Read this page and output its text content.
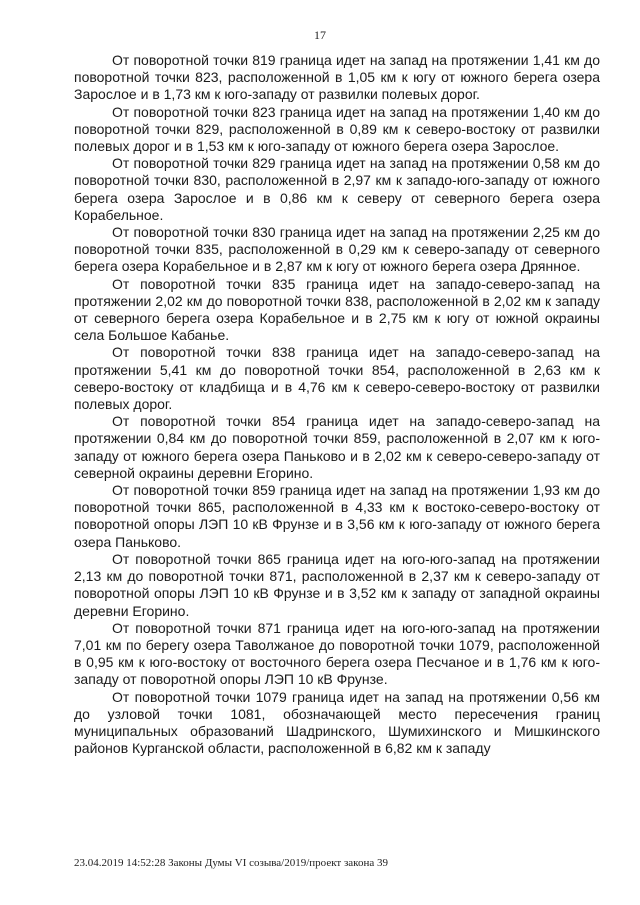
17

От поворотной точки 819 граница идет на запад на протяжении 1,41 км до поворотной точки 823, расположенной в 1,05 км к югу от южного берега озера Зарослое и в 1,73 км к юго-западу от развилки полевых дорог.

От поворотной точки 823 граница идет на запад на протяжении 1,40 км до поворотной точки 829, расположенной в 0,89 км к северо-востоку от развилки полевых дорог и в 1,53 км к юго-западу от южного берега озера Зарослое.

От поворотной точки 829 граница идет на запад на протяжении 0,58 км до поворотной точки 830, расположенной в 2,97 км к западо-юго-западу от южного берега озера Зарослое и в 0,86 км к северу от северного берега озера Корабельное.

От поворотной точки 830 граница идет на запад на протяжении 2,25 км до поворотной точки 835, расположенной в 0,29 км к северо-западу от северного берега озера Корабельное и в 2,87 км к югу от южного берега озера Дрянное.

От поворотной точки 835 граница идет на западо-северо-запад на протяжении 2,02 км до поворотной точки 838, расположенной в 2,02 км к западу от северного берега озера Корабельное и в 2,75 км к югу от южной окраины села Большое Кабанье.

От поворотной точки 838 граница идет на западо-северо-запад на протяжении 5,41 км до поворотной точки 854, расположенной в 2,63 км к северо-востоку от кладбища и в 4,76 км к северо-северо-востоку от развилки полевых дорог.

От поворотной точки 854 граница идет на западо-северо-запад на протяжении 0,84 км до поворотной точки 859, расположенной в 2,07 км к юго-западу от южного берега озера Паньково и в 2,02 км к северо-северо-западу от северной окраины деревни Егорино.

От поворотной точки 859 граница идет на запад на протяжении 1,93 км до поворотной точки 865, расположенной в 4,33 км к востоко-северо-востоку от поворотной опоры ЛЭП 10 кВ Фрунзе и в 3,56 км к юго-западу от южного берега озера Паньково.

От поворотной точки 865 граница идет на юго-юго-запад на протяжении 2,13 км до поворотной точки 871, расположенной в 2,37 км к северо-западу от поворотной опоры ЛЭП 10 кВ Фрунзе и в 3,52 км к западу от западной окраины деревни Егорино.

От поворотной точки 871 граница идет на юго-юго-запад на протяжении 7,01 км по берегу озера Таволжаное до поворотной точки 1079, расположенной в 0,95 км к юго-востоку от восточного берега озера Песчаное и в 1,76 км к юго-западу от поворотной опоры ЛЭП 10 кВ Фрунзе.

От поворотной точки 1079 граница идет на запад на протяжении 0,56 км до узловой точки 1081, обозначающей место пересечения границ муниципальных образований Шадринского, Шумихинского и Мишкинского районов Курганской области, расположенной в 6,82 км к западу

23.04.2019 14:52:28 Законы Думы VI созыва/2019/проект закона 39
